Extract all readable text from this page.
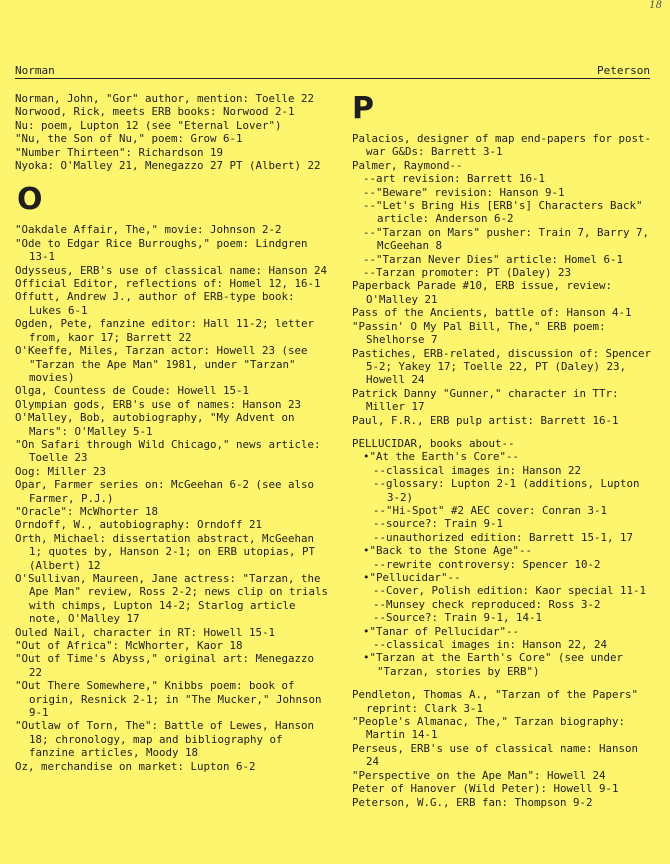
18
Norman	Peterson

Norman, John, "Gor" author, mention: Toelle 22

Norwood, Rick, meets ERB books: Norwood 2-1

Nu: poem, Lupton 12 (see "Eternal Lover")

"Nu, the Son of Nu," poem: Grow 6-1

"Number Thirteen": Richardson 19

Nyoka: O'Malley 21, Menegazzo 27 PT (Albert) 22

O

"Oakdale Affair, The," movie: Johnson 2-2

"Ode to Edgar Rice Burroughs," poem: Lindgren 13-1

Odysseus, ERB's use of classical name: Hanson 24

Official Editor, reflections of: Homel 12, 16-1

Offutt, Andrew J., author of ERB-type book: Lukes 6-1

Ogden, Pete, fanzine editor: Hall 11-2; letter from, kaor 17; Barrett 22

O'Keeffe, Miles, Tarzan actor: Howell 23 (see "Tarzan the Ape Man" 1981, under "Tarzan" movies)

Olga, Countess de Coude: Howell 15-1

Olympian gods, ERB's use of names: Hanson 23

O'Malley, Bob, autobiography, "My Advent on Mars": O'Malley 5-1

"On Safari through Wild Chicago," news article: Toelle 23

Oog: Miller 23

Opar, Farmer series on: McGeehan 6-2 (see also Farmer, P.J.)

"Oracle": McWhorter 18

Orndoff, W., autobiography: Orndoff 21

Orth, Michael: dissertation abstract, McGeehan 1; quotes by, Hanson 2-1; on ERB utopias, PT (Albert) 12

O'Sullivan, Maureen, Jane actress: "Tarzan, the Ape Man" review, Ross 2-2; news clip on trials with chimps, Lupton 14-2; Starlog article note, O'Malley 17

Ouled Nail, character in RT: Howell 15-1

"Out of Africa": McWhorter, Kaor 18

"Out of Time's Abyss," original art: Menegazzo 22

"Out There Somewhere," Knibbs poem: book of origin, Resnick 2-1; in "The Mucker," Johnson 9-1

"Outlaw of Torn, The": Battle of Lewes, Hanson 18; chronology, map and bibliography of fanzine articles, Moody 18

Oz, merchandise on market: Lupton 6-2

P

Palacios, designer of map end-papers for post-war G&Ds: Barrett 3-1

Palmer, Raymond--

--art revision: Barrett 16-1

--"Beware" revision: Hanson 9-1

--"Let's Bring His [ERB's] Characters Back" article: Anderson 6-2

--"Tarzan on Mars" pusher: Train 7, Barry 7, McGeehan 8

--"Tarzan Never Dies" article: Homel 6-1

--Tarzan promoter: PT (Daley) 23

Paperback Parade #10, ERB issue, review: O'Malley 21

Pass of the Ancients, battle of: Hanson 4-1

"Passin' O My Pal Bill, The," ERB poem: Shelhorse 7

Pastiches, ERB-related, discussion of: Spencer 5-2; Yakey 17; Toelle 22, PT (Daley) 23, Howell 24

Patrick Danny "Gunner," character in TTr: Miller 17

Paul, F.R., ERB pulp artist: Barrett 16-1

PELLUCIDAR, books about--

•"At the Earth's Core"--

--classical images in: Hanson 22

--glossary: Lupton 2-1 (additions, Lupton 3-2)

--"Hi-Spot" #2 AEC cover: Conran 3-1

--source?: Train 9-1

--unauthorized edition: Barrett 15-1, 17

•"Back to the Stone Age"--

--rewrite controversy: Spencer 10-2

•"Pellucidar"--

--Cover, Polish edition: Kaor special 11-1

--Munsey check reproduced: Ross 3-2

--Source?: Train 9-1, 14-1

•"Tanar of Pellucidar"--

--classical images in: Hanson 22, 24

•"Tarzan at the Earth's Core" (see under "Tarzan, stories by ERB")

Pendleton, Thomas A., "Tarzan of the Papers" reprint: Clark 3-1

"People's Almanac, The," Tarzan biography: Martin 14-1

Perseus, ERB's use of classical name: Hanson 24

"Perspective on the Ape Man": Howell 24

Peter of Hanover (Wild Peter): Howell 9-1

Peterson, W.G., ERB fan: Thompson 9-2
